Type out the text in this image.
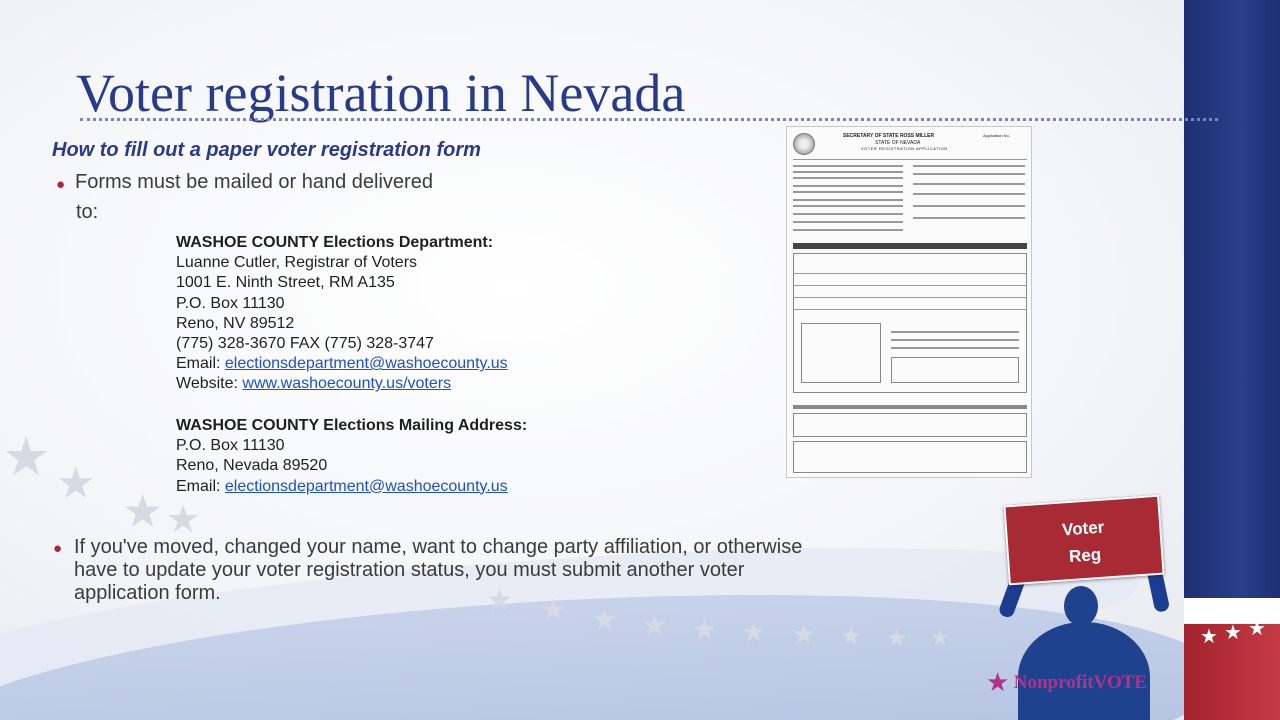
★ ★
★ ★
★ ★ ★ ★ ★ ★ ★ ★ ★ ★	★ ★ ★
Voter registration in Nevada
How to fill out a paper voter registration form
● Forms must be mailed or hand delivered
to:
WASHOE COUNTY Elections Department:
Luanne Cutler, Registrar of Voters
1001 E. Ninth Street, RM A135
P.O. Box 11130
Reno, NV 89512
(775) 328-3670 FAX (775) 328-3747
Email: electionsdepartment@washoecounty.us
Website: www.washoecounty.us/voters
WASHOE COUNTY Elections Mailing Address:
P.O. Box 11130
Reno, Nevada 89520
Email: electionsdepartment@washoecounty.us
● If you've moved, changed your name, want to change party affiliation, or otherwise have to update your voter registration status, you must submit another voter application form.
SECRETARY OF STATE ROSS MILLER
STATE OF NEVADA
VOTER REGISTRATION APPLICATION
Application No.
Voter
Reg
★ NonprofitVOTE
